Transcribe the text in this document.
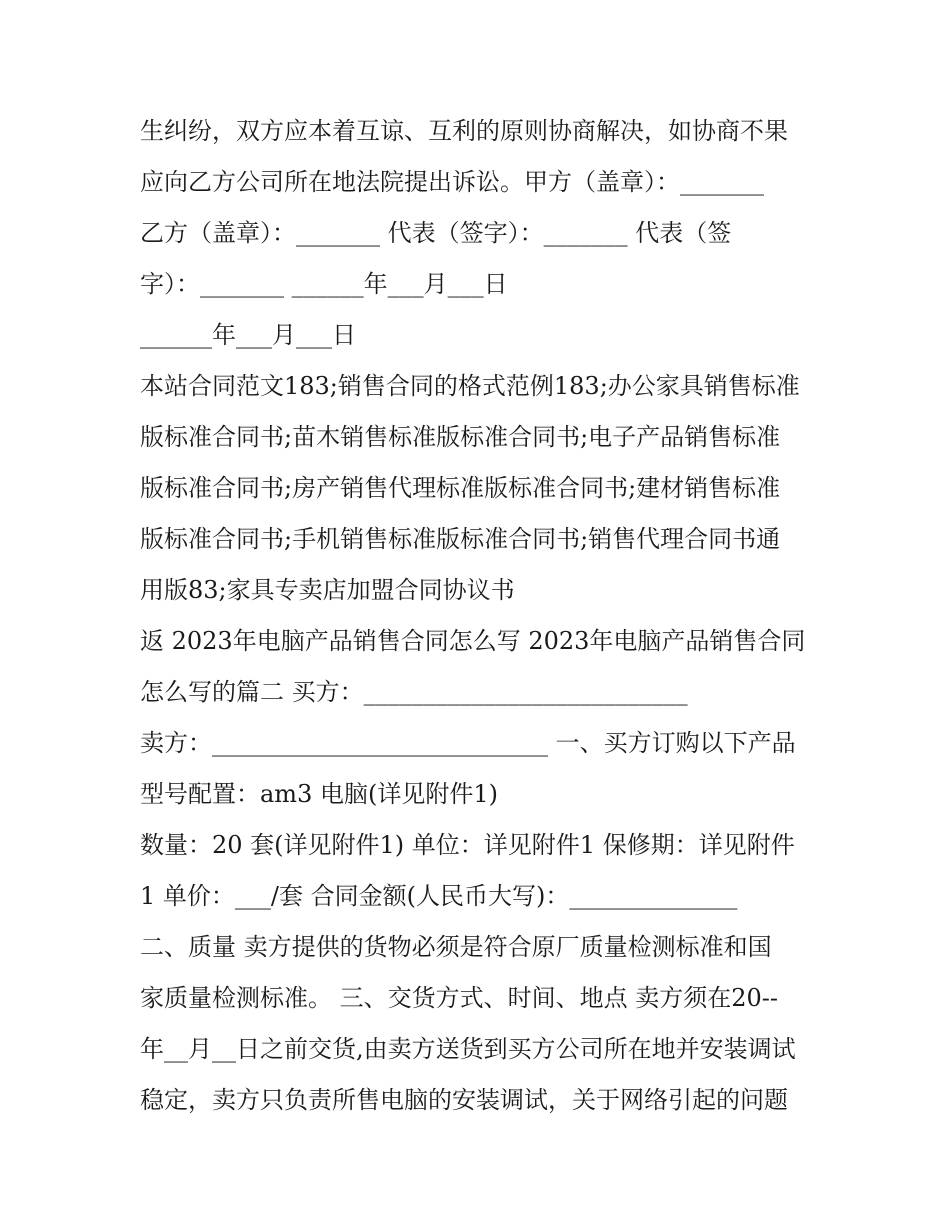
生纠纷，双方应本着互谅、互利的原则协商解决，如协商不果
应向乙方公司所在地法院提出诉讼。甲方（盖章）：_______
乙方（盖章）：_______ 代表（签字）：_______ 代表（签
字）：_______ ______年___月___日
______年___月___日
本站合同范文183;销售合同的格式范例183;办公家具销售标准
版标准合同书;苗木销售标准版标准合同书;电子产品销售标准
版标准合同书;房产销售代理标准版标准合同书;建材销售标准
版标准合同书;手机销售标准版标准合同书;销售代理合同书通
用版83;家具专卖店加盟合同协议书
返 2023年电脑产品销售合同怎么写 2023年电脑产品销售合同
怎么写的篇二 买方：___________________________
卖方：____________________________ 一、买方订购以下产品
型号配置：am3 电脑(详见附件1)
数量：20 套(详见附件1) 单位：详见附件1 保修期：详见附件
1 单价：___/套 合同金额(人民币大写)：______________
二、质量 卖方提供的货物必须是符合原厂质量检测标准和国
家质量检测标准。 三、交货方式、时间、地点 卖方须在20--
年__月__日之前交货,由卖方送货到买方公司所在地并安装调试
稳定，卖方只负责所售电脑的安装调试，关于网络引起的问题
